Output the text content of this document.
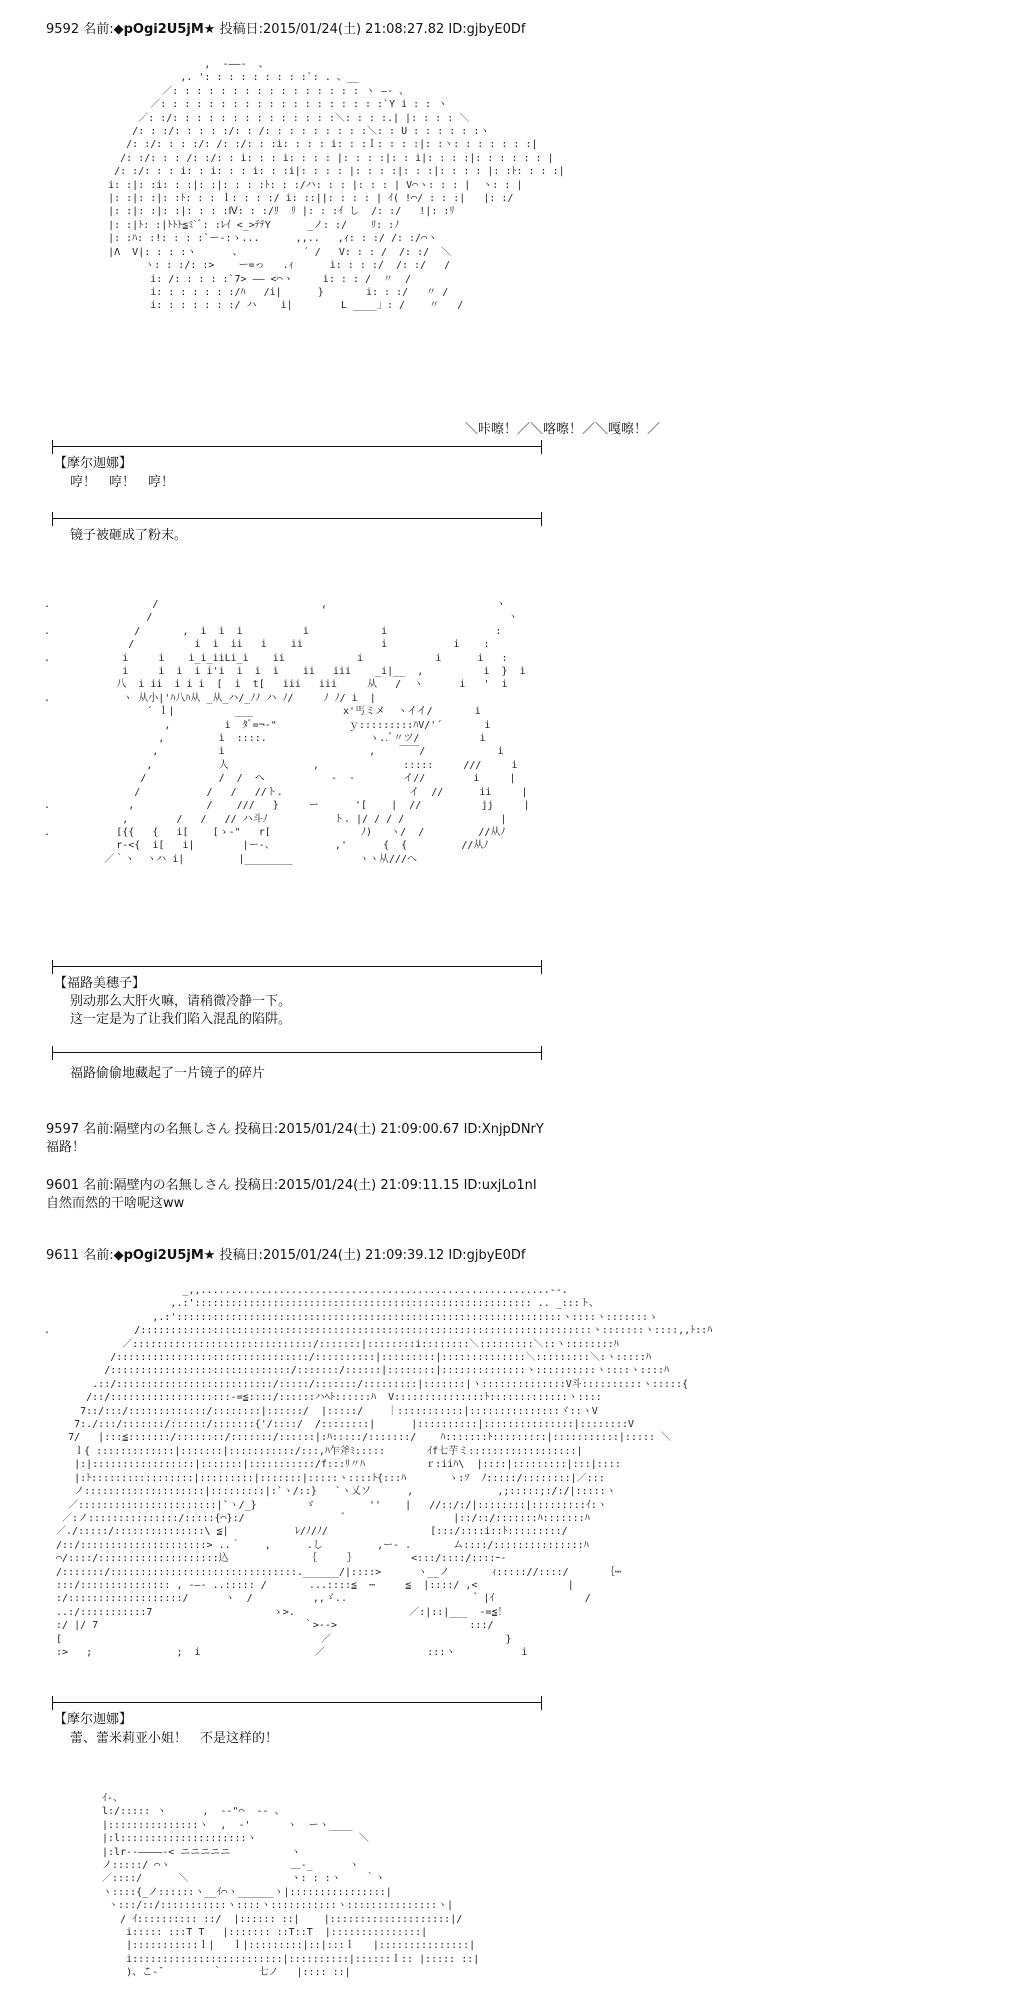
9592 名前:◆pOgi2U5jM★ 投稿日:2015/01/24(土) 21:08:27.82 ID:gjbyE0Df
,  -――-  、
,. ': : : : : : : : :`: . 、__
／: : : : : : : : : : : : : : : : ヽ ―‐ 、
／: : : : : : : : : : : : : : : : : : :`Y i : : ヽ
／: :/: : : : : : : : : : : : : :＼: : : :.| |: : : : ＼
/: : :/: : : : :/: : /: : : : : : : : :＼: : U : : : : : :ヽ
/: :/: : : :/: /: :/: : :i: : : : i: : :ｌ: : : :|: :ヽ: : : : : : :|
/: :/: : : /: :/: : i: : : i: : : : |: : : :|: : i|: : : :|: : : : : : |
/: :/: : : i: : i: : : i: : :i|: : : : |: : : :|: : :|: : : : |: :ﾄ: : : :|
i: :|: :i: : :|: :|: : : :ﾄ: : :/ハ: : : |: : : | V⌒ヽ: : : |  ヽ: : |
|: :|: :|: :ﾄ: : : ｌ: : : :/ i: ::||: : : : | ｲ( !⌒/ : : :|   |: :/
|: :|: :|: :|: : : :Ⅳ: : :/ﾘ  ﾘ |: : :ｲ し  /: :/   !|: :ﾘ
|: :|ﾄ: :|ﾄﾄﾄ≦ﾐ`ﾞ: :ﾚｲ <_>ﾃﾃY      _ノ: :/    ﾘ: :ﾉ
|: :ﾊ: :!: : : :`ー-:ゝ...      ,,..   ,ｨ: : :/ /: :/⌒ヽ
|Λ  V|: : : :ヽ      、          ´ /   V: : : /  /: :/  ＼
ヽ: : :/: :>    ー=っ   .ｨ      i: : : :/  /: :/   /
i: /: : : : :`7> ―― <⌒ヽ     i: : : /  〃  /
i: : : : : : :/ﾊ   /i|      }       i: : :/   〃 /
i: : : : : : :/ ハ    i|        L ____」: /    〃   /

＼咔嚓！／＼喀嚓！／＼嘎嚓！／
【摩尔迦娜】
哼！　哼！　哼！
镜子被砸成了粉末。
.                 /                           ,                            ヽ
/                                                           ヽ
.              /       ,  i  i  i          i            i                  :
/          i  i  ii   i    ii             i           i    :
.            i     i    i_i_iiLi_i    ii            i            i      i   :
i     i  i  i i'i  i  i  i    ii   iii    _i|__  ,          i  }  i
八  i ii  i i i  [  i  t[   iii   iii     从   /  ヽ      i   '  i
.            ヽ 从小|'ﾊ八ﾊ从 _从_ハ/_ﾉﾉ ハ ﾉ/     ﾉ ﾉ/ i  |
´ ｌ|          ___               x'丐ミメ  ヽイイ/       i
,         i  ﾀﾞ=¬‐"            ｙ:::::::::ﾊV/'´       i
,         i  ::::.                 ゝ..ﾞ〃ツ/          i
,          i                        ,    ￣￣/            i
,           人              ,              :::::     ///     i
/            /  /  へ           -  -        イ//        i     |
/           /   /   //ト.                     イ  //      ii     |
.             ,            /    ///   }     ー      '[    |  //          jj     |
,        /   /   // ハ斗ﾉ           ト. |/ / / /                |
.           [{{   {   i[    [ゝ‐"   r[               ﾉ)   ヽ/  /         //从ﾉ
r-<{  i[   i|        |ー-、          ,'      {  {         //从ﾉ
／｀ヽ  ヽハ i|         |________           ヽヽ从///へ

【福路美穗子】
别动那么大肝火嘛，请稍微冷静一下。
这一定是为了让我们陷入混乱的陷阱。
福路偷偷地藏起了一片镜子的碎片
9597 名前:隔壁内の名無しさん 投稿日:2015/01/24(土) 21:09:00.67 ID:XnjpDNrY
福路！
9601 名前:隔壁内の名無しさん 投稿日:2015/01/24(土) 21:09:11.15 ID:uxjLo1nI
自然而然的干啥呢这ww
9611 名前:◆pOgi2U5jM★ 投稿日:2015/01/24(土) 21:09:39.12 ID:gjbyE0Df
_,,..........................................................--.
,.:':::::::::::::::::::::::::::::::::::::::::::::::::::::::: .. _:::ト、
,.:'::::::::::::::::::::::::::::::::::::::::::::::::::::::::::::::::ヽ::::ヽ:::::::ゝ
.              /:::::::::::::::::::::::::::::::::::::::::::::::::::::::::::::::::::::::::::ヽ:::::::ヽ::::,,ﾄ::ﾊ
／::::::::::::::::::::::::::::::/:::::::|::::::::i::::::::＼:::::::::＼::ヽ::::::::ﾊ
/::::::::::::::::::::::::::::::::/::::::::::|:::::::::|::::::::::::::＼:::::::::＼:ヽ:::::ﾊ
/::::::::::::::::::::::::::::::/:::::::/::::::|::::::::|::::::::::::::ヽ::::::::::ヽ::::ヽ::::ﾊ
.::/::::::::::::::::::::::::::/:::::/:::::::/:::::::::|:::::::|ヽ::::::::::::::V斗::::::::::ヽ:::::{
/::/::::::::::::::::::::-=≦::::/::::::ハﾍﾄ::::::ﾊ  V:::::::::::::::ﾄ:::::::::::::ヽ::::
7::/:::/:::::::::::::/::::::::|::::::/  |:::::/    ｜:::::::::::|:::::::::::::::ヾ::ヽV
7:./:::/:::::::/::::::/:::::::{'/::::/  /::::::::|      |::::::::::|:::::::::::::::|::::::::V
7/   |:::≦:::::::/::::::::/:::::::/::::::|:ﾊ:::::/:::::::/    ﾊ:::::::ﾄ:::::::::|:::::::::::|::::: ＼
ｌ{ :::::::::::::|:::::::|:::::::::::/:::,ﾊ乍斧ﾐ:::::       ｲf七芋ミ::::::::::::::::::|
|:|:::::::::::::::::|:::::::|:::::::::::/f:::ﾘ〃ﾊ          ｒ:iiﾊ\  |::::|:::::::::|:::|::::
|:ﾄ:::::::::::::::::|:::::::::|:::::::|:::::ヽ::::ﾄ{:::ﾊ       ゝ:ｿ  ﾉ:::::/::::::::|／:::
ノ::::::::::::::::::::|:::::::::|:`ヽ/::}   `ヽ乂ソ      ,              ,;:::::;:/:/|:::::ヽ
／:::::::::::::::::::::::|`ヽ/_}        ゞ         ''    |   //::/:/|::::::::|:::::::::ｲ:ヽ
／:ノ:::::::::::::::/:::::{⌒}:/                ゛                 |::/::/:::::::ﾊ:::::::ﾊ
／./:::::/:::::::::::::::\ ≦|           ﾚ/ﾉ/ﾉ/                 [:::/::::i::ﾄ:::::::::/
/::/:::::::::::::::::::::> ..｀    ,      .し         ,ー- .       ム::::/:::::::::::::::ﾊ
⌒/::::/::::::::::::::::::::込             ｛     ｝         <:::/::::/::::ｰ-
/:::::::/:::::::::::::::::::::::::::::::.______/|::::>      ヽ__ノ       ｨ::::://::::/      ｛┉
:::/::::::::::::::: , -―‐ ..::::: /       ...::::≦  ⋯     ≦  |::::/ ,<               |
:/:::::::::::::::::::/      ヽ  /          ,,ゞ..                     ゛|ｲ               /
..:/:::::::::::7                    ゝ>.                   ／:|::|___  -=≦！
:/ |/ 7                                  ｀>-‐>                      :::/
[                                           ／                             }
:>   ;              ;  i                   ／                 :::ヽ           i

【摩尔迦娜】
蕾、蕾米莉亚小姐！　不是这样的！
ｲ-、
l:/::::: ヽ      ,  -‐"⌒  ‐- 、
|:::::::::::::::ヽ  ,  ‐'      ヽ  ーヽ____
|:l:::::::::::::::::::::ヽ                 ＼
|:lr-‐――――-< ニニニニニ          ヽ
ノ:::::/ ⌒ヽ                    ＿-_      ヽ
／::::/      ＼                 ヽ: : :ヽ    ｀ヽ
ヽ::::{_ノ::::::ヽ__ｲ⌒ヽ______ヽ|::::::::::::::::|
ヽ:::/::/:::::::::::ヽ::::ヽ:::::::::::ヽ:::::::::::::::ヽ|
/ ｲ:::::::::: ::/  |:::::: ::|    |::::::::::::::::::::|/
i::::: :::T T   |::::::: ::T::T  |:::::::::::::::|
|:::::::::::ｌ|   ｌ|:::::::::|::|:::ｌ   |:::::::::::::::|
i:::::::::::::::::::::::::|::::::::::|::::::ｌ:: |::::: ::|
)、こ‐¯        ｀      七ノ   |:::: ::|
